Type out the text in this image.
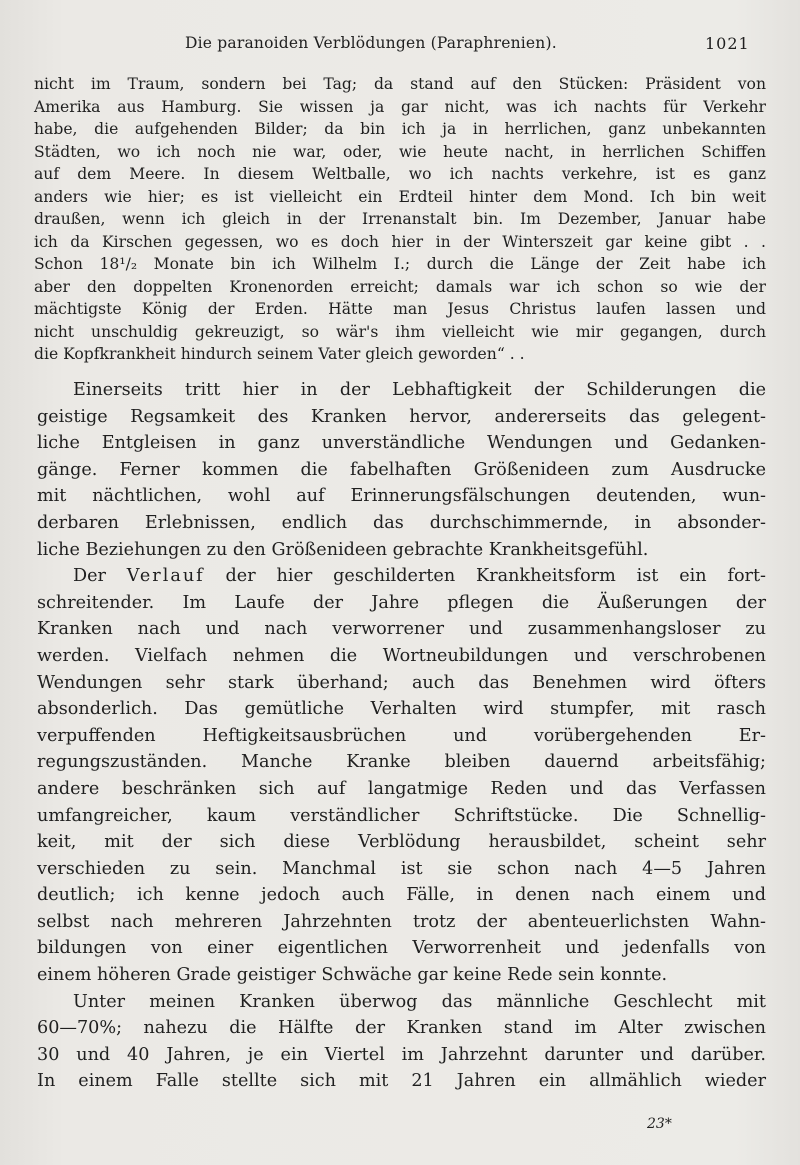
Die paranoiden Verblödungen (Paraphrenien).	1021
nicht im Traum, sondern bei Tag; da stand auf den Stücken: Präsident von
Amerika aus Hamburg. Sie wissen ja gar nicht, was ich nachts für Verkehr
habe, die aufgehenden Bilder; da bin ich ja in herrlichen, ganz unbekannten
Städten, wo ich noch nie war, oder, wie heute nacht, in herrlichen Schiffen
auf dem Meere. In diesem Weltballe, wo ich nachts verkehre, ist es ganz
anders wie hier; es ist vielleicht ein Erdteil hinter dem Mond. Ich bin weit
draußen, wenn ich gleich in der Irrenanstalt bin. Im Dezember, Januar habe
ich da Kirschen gegessen, wo es doch hier in der Winterszeit gar keine gibt . .
Schon 18¹/₂ Monate bin ich Wilhelm I.; durch die Länge der Zeit habe ich
aber den doppelten Kronenorden erreicht; damals war ich schon so wie der
mächtigste König der Erden. Hätte man Jesus Christus laufen lassen und
nicht unschuldig gekreuzigt, so wär's ihm vielleicht wie mir gegangen, durch
die Kopfkrankheit hindurch seinem Vater gleich geworden“ . .
Einerseits tritt hier in der Lebhaftigkeit der Schilderungen die
geistige Regsamkeit des Kranken hervor, andererseits das gelegent-
liche Entgleisen in ganz unverständliche Wendungen und Gedanken-
gänge. Ferner kommen die fabelhaften Größenideen zum Ausdrucke
mit nächtlichen, wohl auf Erinnerungsfälschungen deutenden, wun-
derbaren Erlebnissen, endlich das durchschimmernde, in absonder-
liche Beziehungen zu den Größenideen gebrachte Krankheitsgefühl.
Der Verlauf der hier geschilderten Krankheitsform ist ein fort-
schreitender. Im Laufe der Jahre pflegen die Äußerungen der
Kranken nach und nach verworrener und zusammenhangsloser zu
werden. Vielfach nehmen die Wortneubildungen und verschrobenen
Wendungen sehr stark überhand; auch das Benehmen wird öfters
absonderlich. Das gemütliche Verhalten wird stumpfer, mit rasch
verpuffenden Heftigkeitsausbrüchen und vorübergehenden Er-
regungszuständen. Manche Kranke bleiben dauernd arbeitsfähig;
andere beschränken sich auf langatmige Reden und das Verfassen
umfangreicher, kaum verständlicher Schriftstücke. Die Schnellig-
keit, mit der sich diese Verblödung herausbildet, scheint sehr
verschieden zu sein. Manchmal ist sie schon nach 4—5 Jahren
deutlich; ich kenne jedoch auch Fälle, in denen nach einem und
selbst nach mehreren Jahrzehnten trotz der abenteuerlichsten Wahn-
bildungen von einer eigentlichen Verworrenheit und jedenfalls von
einem höheren Grade geistiger Schwäche gar keine Rede sein konnte.
Unter meinen Kranken überwog das männliche Geschlecht mit
60—70%; nahezu die Hälfte der Kranken stand im Alter zwischen
30 und 40 Jahren, je ein Viertel im Jahrzehnt darunter und darüber.
In einem Falle stellte sich mit 21 Jahren ein allmählich wieder
23*
